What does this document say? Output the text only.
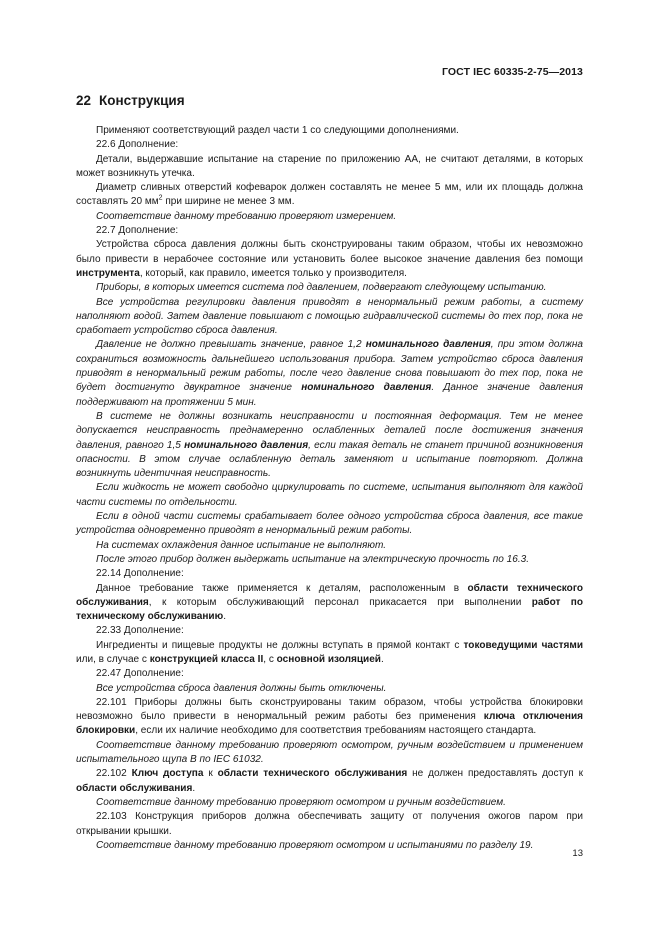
ГОСТ IEC 60335-2-75—2013
22 Конструкция

Применяют соответствующий раздел части 1 со следующими дополнениями.

22.6 Дополнение:

Детали, выдержавшие испытание на старение по приложению АА, не считают деталями, в которых может возникнуть утечка.

Диаметр сливных отверстий кофеварок должен составлять не менее 5 мм, или их площадь должна составлять 20 $мм^2$ при ширине не менее 3 мм.

Соответствие данному требованию проверяют измерением.

22.7 Дополнение:

Устройства сброса давления должны быть сконструированы таким образом, чтобы их невозможно было привести в нерабочее состояние или установить более высокое значение давления без помощи инструмента, который, как правило, имеется только у производителя.

Приборы, в которых имеется система под давлением, подвергают следующему испытанию.

Все устройства регулировки давления приводят в ненормальный режим работы, а систему наполняют водой. Затем давление повышают с помощью гидравлической системы до тех пор, пока не сработает устройство сброса давления.

Давление не должно превышать значение, равное 1,2 номинального давления, при этом должна сохраниться возможность дальнейшего использования прибора. Затем устройство сброса давления приводят в ненормальный режим работы, после чего давление снова повышают до тех пор, пока не будет достигнуто двукратное значение номинального давления. Данное значение давления поддерживают на протяжении 5 мин.

В системе не должны возникать неисправности и постоянная деформация. Тем не менее допускается неисправность преднамеренно ослабленных деталей после достижения значения давления, равного 1,5 номинального давления, если такая деталь не станет причиной возникновения опасности. В этом случае ослабленную деталь заменяют и испытание повторяют. Должна возникнуть идентичная неисправность.

Если жидкость не может свободно циркулировать по системе, испытания выполняют для каждой части системы по отдельности.

Если в одной части системы срабатывает более одного устройства сброса давления, все такие устройства одновременно приводят в ненормальный режим работы.

На системах охлаждения данное испытание не выполняют.

После этого прибор должен выдержать испытание на электрическую прочность по 16.3.

22.14 Дополнение:

Данное требование также применяется к деталям, расположенным в области технического обслуживания, к которым обслуживающий персонал прикасается при выполнении работ по техническому обслуживанию.

22.33 Дополнение:

Ингредиенты и пищевые продукты не должны вступать в прямой контакт с токоведущими частями или, в случае с конструкцией класса II, с основной изоляцией.

22.47 Дополнение:

Все устройства сброса давления должны быть отключены.

22.101 Приборы должны быть сконструированы таким образом, чтобы устройства блокировки невозможно было привести в ненормальный режим работы без применения ключа отключения блокировки, если их наличие необходимо для соответствия требованиям настоящего стандарта.

Соответствие данному требованию проверяют осмотром, ручным воздействием и применением испытательного щупа В по IEC 61032.

22.102 Ключ доступа к области технического обслуживания не должен предоставлять доступ к области обслуживания.

Соответствие данному требованию проверяют осмотром и ручным воздействием.

22.103 Конструкция приборов должна обеспечивать защиту от получения ожогов паром при открывании крышки.

Соответствие данному требованию проверяют осмотром и испытаниями по разделу 19.

13
